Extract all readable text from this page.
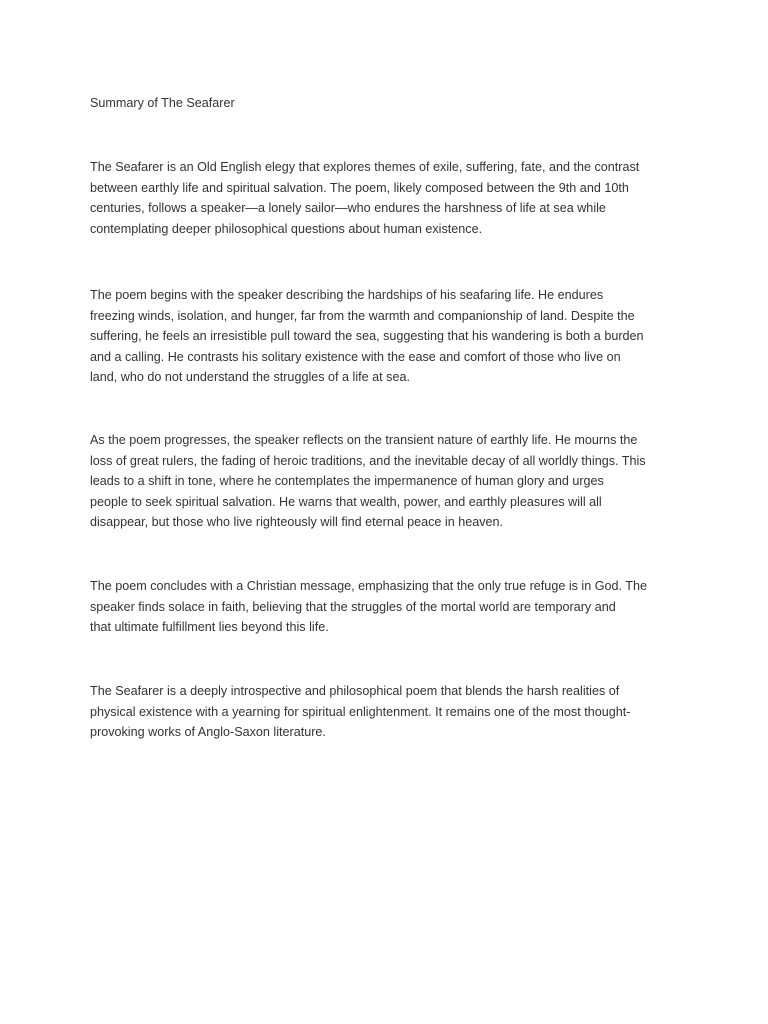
Summary of The Seafarer

The Seafarer is an Old English elegy that explores themes of exile, suffering, fate, and the contrast
between earthly life and spiritual salvation. The poem, likely composed between the 9th and 10th
centuries, follows a speaker—a lonely sailor—who endures the harshness of life at sea while
contemplating deeper philosophical questions about human existence.

The poem begins with the speaker describing the hardships of his seafaring life. He endures
freezing winds, isolation, and hunger, far from the warmth and companionship of land. Despite the
suffering, he feels an irresistible pull toward the sea, suggesting that his wandering is both a burden
and a calling. He contrasts his solitary existence with the ease and comfort of those who live on
land, who do not understand the struggles of a life at sea.

As the poem progresses, the speaker reflects on the transient nature of earthly life. He mourns the
loss of great rulers, the fading of heroic traditions, and the inevitable decay of all worldly things. This
leads to a shift in tone, where he contemplates the impermanence of human glory and urges
people to seek spiritual salvation. He warns that wealth, power, and earthly pleasures will all
disappear, but those who live righteously will find eternal peace in heaven.

The poem concludes with a Christian message, emphasizing that the only true refuge is in God. The
speaker finds solace in faith, believing that the struggles of the mortal world are temporary and
that ultimate fulfillment lies beyond this life.

The Seafarer is a deeply introspective and philosophical poem that blends the harsh realities of
physical existence with a yearning for spiritual enlightenment. It remains one of the most thought-
provoking works of Anglo-Saxon literature.
